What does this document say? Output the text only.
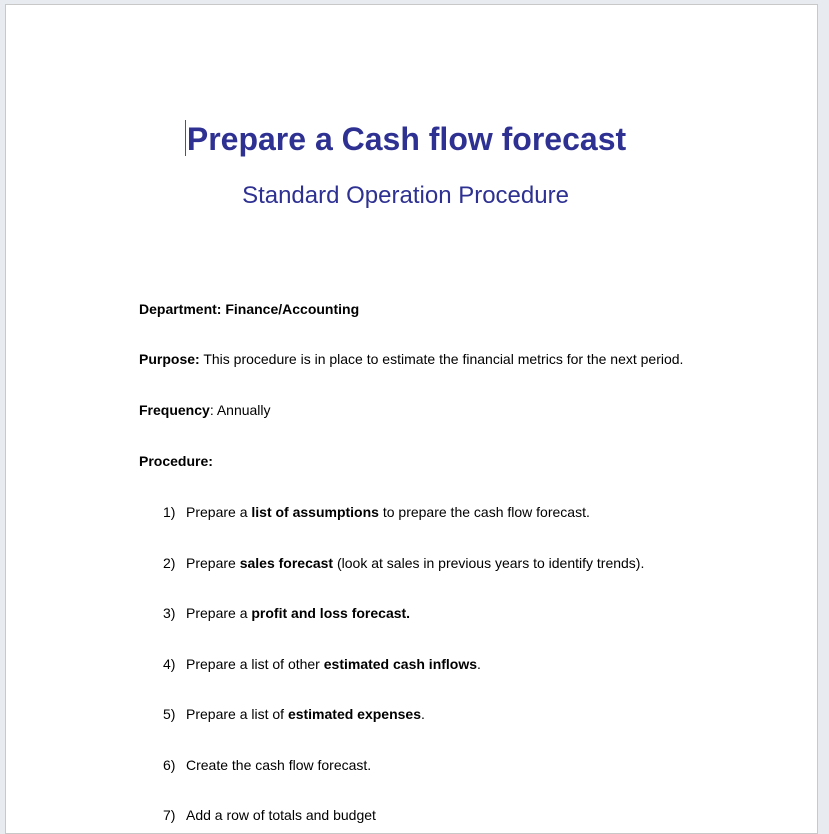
Prepare a Cash flow forecast
Standard Operation Procedure
Department: Finance/Accounting
Purpose: This procedure is in place to estimate the financial metrics for the next period.
Frequency: Annually
Procedure:
1) Prepare a list of assumptions to prepare the cash flow forecast.
2) Prepare sales forecast (look at sales in previous years to identify trends).
3) Prepare a profit and loss forecast.
4) Prepare a list of other estimated cash inflows.
5) Prepare a list of estimated expenses.
6) Create the cash flow forecast.
7) Add a row of totals and budget
